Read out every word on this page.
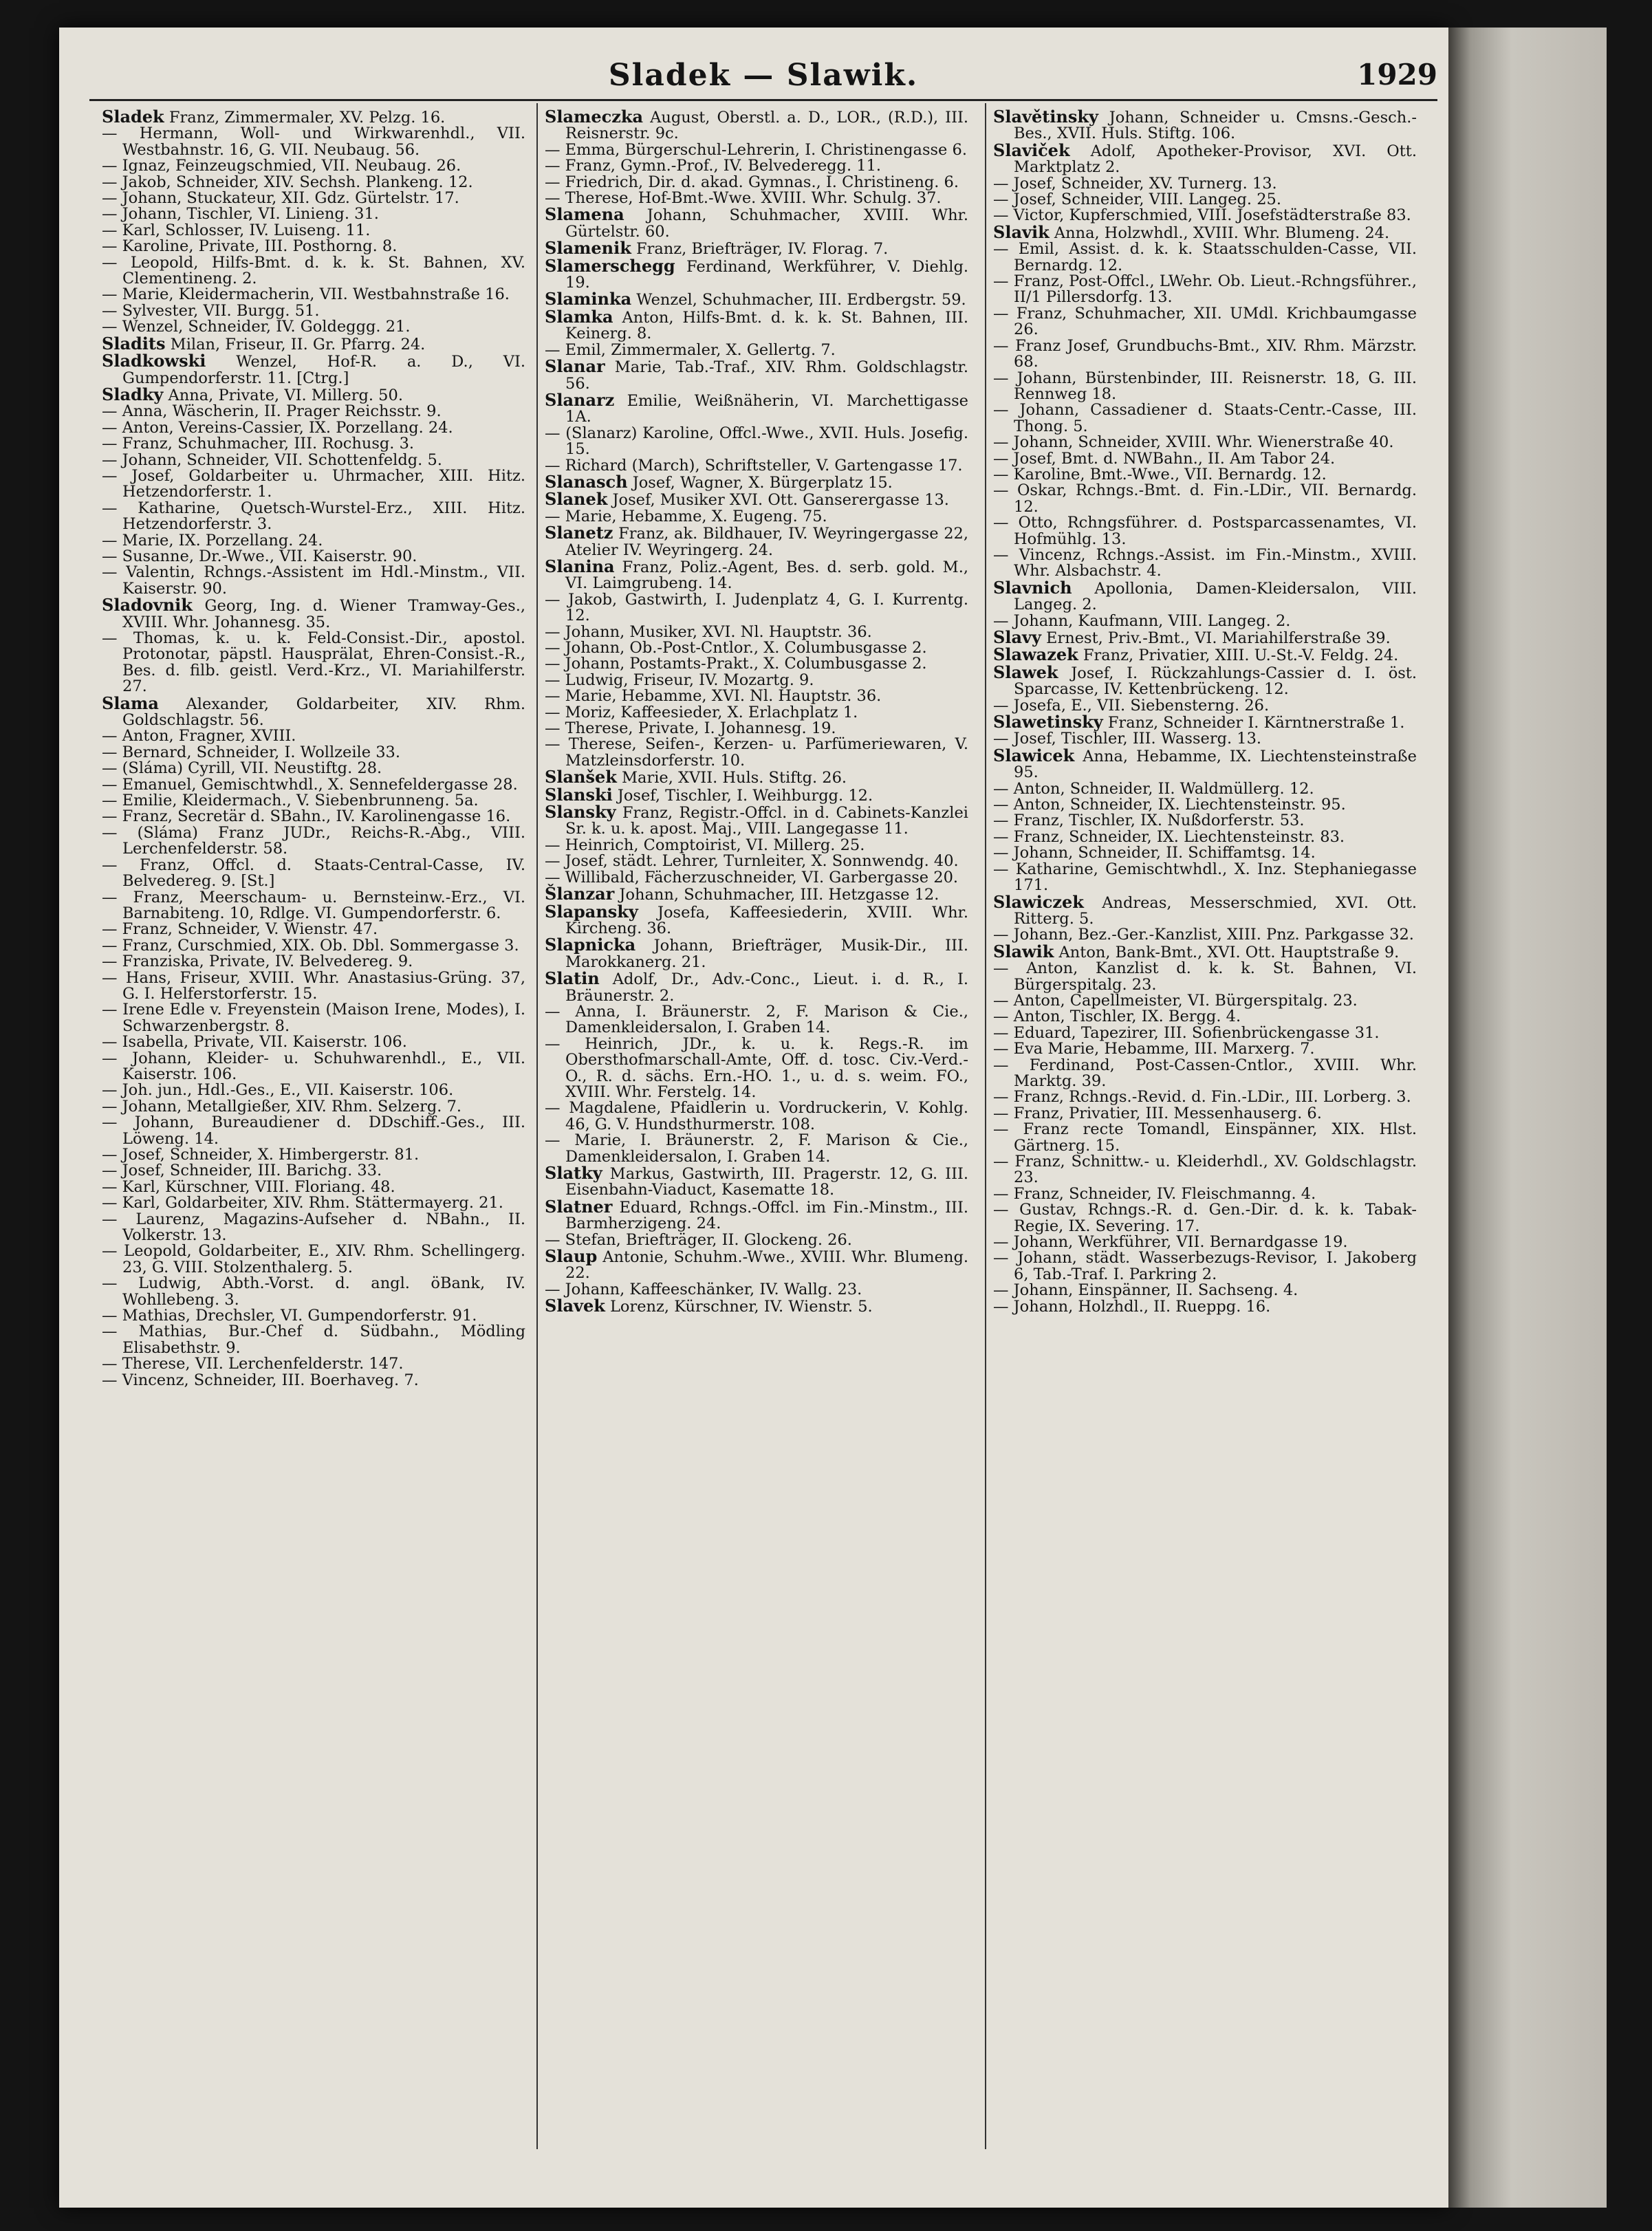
Sladek — Slawik.	1929

Sladek Franz, Zimmermaler, XV. Pelzg. 16.

— Hermann, Woll- und Wirkwarenhdl., VII. Westbahnstr. 16, G. VII. Neubaug. 56.

— Ignaz, Feinzeugschmied, VII. Neubaug. 26.

— Jakob, Schneider, XIV. Sechsh. Plankeng. 12.

— Johann, Stuckateur, XII. Gdz. Gürtelstr. 17.

— Johann, Tischler, VI. Linieng. 31.

— Karl, Schlosser, IV. Luiseng. 11.

— Karoline, Private, III. Posthorng. 8.

— Leopold, Hilfs-Bmt. d. k. k. St. Bahnen, XV. Clementineng. 2.

— Marie, Kleidermacherin, VII. Westbahnstraße 16.

— Sylvester, VII. Burgg. 51.

— Wenzel, Schneider, IV. Goldeggg. 21.

Sladits Milan, Friseur, II. Gr. Pfarrg. 24.

Sladkowski Wenzel, Hof-R. a. D., VI. Gumpendorferstr. 11. [Ctrg.]

Sladky Anna, Private, VI. Millerg. 50.

— Anna, Wäscherin, II. Prager Reichsstr. 9.

— Anton, Vereins-Cassier, IX. Porzellang. 24.

— Franz, Schuhmacher, III. Rochusg. 3.

— Johann, Schneider, VII. Schottenfeldg. 5.

— Josef, Goldarbeiter u. Uhrmacher, XIII. Hitz. Hetzendorferstr. 1.

— Katharine, Quetsch-Wurstel-Erz., XIII. Hitz. Hetzendorferstr. 3.

— Marie, IX. Porzellang. 24.

— Susanne, Dr.-Wwe., VII. Kaiserstr. 90.

— Valentin, Rchngs.-Assistent im Hdl.-Minstm., VII. Kaiserstr. 90.

Sladovnik Georg, Ing. d. Wiener Tramway-Ges., XVIII. Whr. Johannesg. 35.

— Thomas, k. u. k. Feld-Consist.-Dir., apostol. Protonotar, päpstl. Hausprälat, Ehren-Consist.-R., Bes. d. filb. geistl. Verd.-Krz., VI. Mariahilferstr. 27.

Slama Alexander, Goldarbeiter, XIV. Rhm. Goldschlagstr. 56.

— Anton, Fragner, XVIII.

— Bernard, Schneider, I. Wollzeile 33.

— (Sláma) Cyrill, VII. Neustiftg. 28.

— Emanuel, Gemischtwhdl., X. Sennefeldergasse 28.

— Emilie, Kleidermach., V. Siebenbrunneng. 5a.

— Franz, Secretär d. SBahn., IV. Karolinengasse 16.

— (Sláma) Franz JUDr., Reichs-R.-Abg., VIII. Lerchenfelderstr. 58.

— Franz, Offcl. d. Staats-Central-Casse, IV. Belvedereg. 9. [St.]

— Franz, Meerschaum- u. Bernsteinw.-Erz., VI. Barnabiteng. 10, Rdlge. VI. Gumpendorferstr. 6.

— Franz, Schneider, V. Wienstr. 47.

— Franz, Curschmied, XIX. Ob. Dbl. Sommergasse 3.

— Franziska, Private, IV. Belvedereg. 9.

— Hans, Friseur, XVIII. Whr. Anastasius-Grüng. 37, G. I. Helferstorferstr. 15.

— Irene Edle v. Freyenstein (Maison Irene, Modes), I. Schwarzenbergstr. 8.

— Isabella, Private, VII. Kaiserstr. 106.

— Johann, Kleider- u. Schuhwarenhdl., E., VII. Kaiserstr. 106.

— Joh. jun., Hdl.-Ges., E., VII. Kaiserstr. 106.

— Johann, Metallgießer, XIV. Rhm. Selzerg. 7.

— Johann, Bureaudiener d. DDschiff.-Ges., III. Löweng. 14.

— Josef, Schneider, X. Himbergerstr. 81.

— Josef, Schneider, III. Barichg. 33.

— Karl, Kürschner, VIII. Floriang. 48.

— Karl, Goldarbeiter, XIV. Rhm. Stättermayerg. 21.

— Laurenz, Magazins-Aufseher d. NBahn., II. Volkerstr. 13.

— Leopold, Goldarbeiter, E., XIV. Rhm. Schellingerg. 23, G. VIII. Stolzenthalerg. 5.

— Ludwig, Abth.-Vorst. d. angl. öBank, IV. Wohllebeng. 3.

— Mathias, Drechsler, VI. Gumpendorferstr. 91.

— Mathias, Bur.-Chef d. Südbahn., Mödling Elisabethstr. 9.

— Therese, VII. Lerchenfelderstr. 147.

— Vincenz, Schneider, III. Boerhaveg. 7.

Slameczka August, Oberstl. a. D., LOR., (R.D.), III. Reisnerstr. 9c.

— Emma, Bürgerschul-Lehrerin, I. Christinengasse 6.

— Franz, Gymn.-Prof., IV. Belvederegg. 11.

— Friedrich, Dir. d. akad. Gymnas., I. Christineng. 6.

— Therese, Hof-Bmt.-Wwe. XVIII. Whr. Schulg. 37.

Slamena Johann, Schuhmacher, XVIII. Whr. Gürtelstr. 60.

Slamenik Franz, Briefträger, IV. Florag. 7.

Slamerschegg Ferdinand, Werkführer, V. Diehlg. 19.

Slaminka Wenzel, Schuhmacher, III. Erdbergstr. 59.

Slamka Anton, Hilfs-Bmt. d. k. k. St. Bahnen, III. Keinerg. 8.

— Emil, Zimmermaler, X. Gellertg. 7.

Slanar Marie, Tab.-Traf., XIV. Rhm. Goldschlagstr. 56.

Slanarz Emilie, Weißnäherin, VI. Marchettigasse 1A.

— (Slanarz) Karoline, Offcl.-Wwe., XVII. Huls. Josefig. 15.

— Richard (March), Schriftsteller, V. Gartengasse 17.

Slanasch Josef, Wagner, X. Bürgerplatz 15.

Slanek Josef, Musiker XVI. Ott. Ganserergasse 13.

— Marie, Hebamme, X. Eugeng. 75.

Slanetz Franz, ak. Bildhauer, IV. Weyringergasse 22, Atelier IV. Weyringerg. 24.

Slanina Franz, Poliz.-Agent, Bes. d. serb. gold. M., VI. Laimgrubeng. 14.

— Jakob, Gastwirth, I. Judenplatz 4, G. I. Kurrentg. 12.

— Johann, Musiker, XVI. Nl. Hauptstr. 36.

— Johann, Ob.-Post-Cntlor., X. Columbusgasse 2.

— Johann, Postamts-Prakt., X. Columbusgasse 2.

— Ludwig, Friseur, IV. Mozartg. 9.

— Marie, Hebamme, XVI. Nl. Hauptstr. 36.

— Moriz, Kaffeesieder, X. Erlachplatz 1.

— Therese, Private, I. Johannesg. 19.

— Therese, Seifen-, Kerzen- u. Parfümeriewaren, V. Matzleinsdorferstr. 10.

Slanšek Marie, XVII. Huls. Stiftg. 26.

Slanski Josef, Tischler, I. Weihburgg. 12.

Slansky Franz, Registr.-Offcl. in d. Cabinets-Kanzlei Sr. k. u. k. apost. Maj., VIII. Langegasse 11.

— Heinrich, Comptoirist, VI. Millerg. 25.

— Josef, städt. Lehrer, Turnleiter, X. Sonnwendg. 40.

— Willibald, Fächerzuschneider, VI. Garbergasse 20.

Šlanzar Johann, Schuhmacher, III. Hetzgasse 12.

Slapansky Josefa, Kaffeesiederin, XVIII. Whr. Kircheng. 36.

Slapnicka Johann, Briefträger, Musik-Dir., III. Marokkanerg. 21.

Slatin Adolf, Dr., Adv.-Conc., Lieut. i. d. R., I. Bräunerstr. 2.

— Anna, I. Bräunerstr. 2, F. Marison & Cie., Damenkleidersalon, I. Graben 14.

— Heinrich, JDr., k. u. k. Regs.-R. im Obersthofmarschall-Amte, Off. d. tosc. Civ.-Verd.-O., R. d. sächs. Ern.-HO. 1., u. d. s. weim. FO., XVIII. Whr. Ferstelg. 14.

— Magdalene, Pfaidlerin u. Vordruckerin, V. Kohlg. 46, G. V. Hundsthurmerstr. 108.

— Marie, I. Bräunerstr. 2, F. Marison & Cie., Damenkleidersalon, I. Graben 14.

Slatky Markus, Gastwirth, III. Pragerstr. 12, G. III. Eisenbahn-Viaduct, Kasematte 18.

Slatner Eduard, Rchngs.-Offcl. im Fin.-Minstm., III. Barmherzigeng. 24.

— Stefan, Briefträger, II. Glockeng. 26.

Slaup Antonie, Schuhm.-Wwe., XVIII. Whr. Blumeng. 22.

— Johann, Kaffeeschänker, IV. Wallg. 23.

Slavek Lorenz, Kürschner, IV. Wienstr. 5.

Slavětinsky Johann, Schneider u. Cmsns.-Gesch.-Bes., XVII. Huls. Stiftg. 106.

Slaviček Adolf, Apotheker-Provisor, XVI. Ott. Marktplatz 2.

— Josef, Schneider, XV. Turnerg. 13.

— Josef, Schneider, VIII. Langeg. 25.

— Victor, Kupferschmied, VIII. Josefstädterstraße 83.

Slavik Anna, Holzwhdl., XVIII. Whr. Blumeng. 24.

— Emil, Assist. d. k. k. Staatsschulden-Casse, VII. Bernardg. 12.

— Franz, Post-Offcl., LWehr. Ob. Lieut.-Rchngsführer., II/1 Pillersdorfg. 13.

— Franz, Schuhmacher, XII. UMdl. Krichbaumgasse 26.

— Franz Josef, Grundbuchs-Bmt., XIV. Rhm. Märzstr. 68.

— Johann, Bürstenbinder, III. Reisnerstr. 18, G. III. Rennweg 18.

— Johann, Cassadiener d. Staats-Centr.-Casse, III. Thong. 5.

— Johann, Schneider, XVIII. Whr. Wienerstraße 40.

— Josef, Bmt. d. NWBahn., II. Am Tabor 24.

— Karoline, Bmt.-Wwe., VII. Bernardg. 12.

— Oskar, Rchngs.-Bmt. d. Fin.-LDir., VII. Bernardg. 12.

— Otto, Rchngsführer. d. Postsparcassenamtes, VI. Hofmühlg. 13.

— Vincenz, Rchngs.-Assist. im Fin.-Minstm., XVIII. Whr. Alsbachstr. 4.

Slavnich Apollonia, Damen-Kleidersalon, VIII. Langeg. 2.

— Johann, Kaufmann, VIII. Langeg. 2.

Slavy Ernest, Priv.-Bmt., VI. Mariahilferstraße 39.

Slawazek Franz, Privatier, XIII. U.-St.-V. Feldg. 24.

Slawek Josef, I. Rückzahlungs-Cassier d. I. öst. Sparcasse, IV. Kettenbrückeng. 12.

— Josefa, E., VII. Siebensterng. 26.

Slawetinsky Franz, Schneider I. Kärntnerstraße 1.

— Josef, Tischler, III. Wasserg. 13.

Slawicek Anna, Hebamme, IX. Liechtensteinstraße 95.

— Anton, Schneider, II. Waldmüllerg. 12.

— Anton, Schneider, IX. Liechtensteinstr. 95.

— Franz, Tischler, IX. Nußdorferstr. 53.

— Franz, Schneider, IX. Liechtensteinstr. 83.

— Johann, Schneider, II. Schiffamtsg. 14.

— Katharine, Gemischtwhdl., X. Inz. Stephaniegasse 171.

Slawiczek Andreas, Messerschmied, XVI. Ott. Ritterg. 5.

— Johann, Bez.-Ger.-Kanzlist, XIII. Pnz. Parkgasse 32.

Slawik Anton, Bank-Bmt., XVI. Ott. Hauptstraße 9.

— Anton, Kanzlist d. k. k. St. Bahnen, VI. Bürgerspitalg. 23.

— Anton, Capellmeister, VI. Bürgerspitalg. 23.

— Anton, Tischler, IX. Bergg. 4.

— Eduard, Tapezirer, III. Sofienbrückengasse 31.

— Eva Marie, Hebamme, III. Marxerg. 7.

— Ferdinand, Post-Cassen-Cntlor., XVIII. Whr. Marktg. 39.

— Franz, Rchngs.-Revid. d. Fin.-LDir., III. Lorberg. 3.

— Franz, Privatier, III. Messenhauserg. 6.

— Franz recte Tomandl, Einspänner, XIX. Hlst. Gärtnerg. 15.

— Franz, Schnittw.- u. Kleiderhdl., XV. Goldschlagstr. 23.

— Franz, Schneider, IV. Fleischmanng. 4.

— Gustav, Rchngs.-R. d. Gen.-Dir. d. k. k. Tabak-Regie, IX. Severing. 17.

— Johann, Werkführer, VII. Bernardgasse 19.

— Johann, städt. Wasserbezugs-Revisor, I. Jakoberg 6, Tab.-Traf. I. Parkring 2.

— Johann, Einspänner, II. Sachseng. 4.

— Johann, Holzhdl., II. Rueppg. 16.
